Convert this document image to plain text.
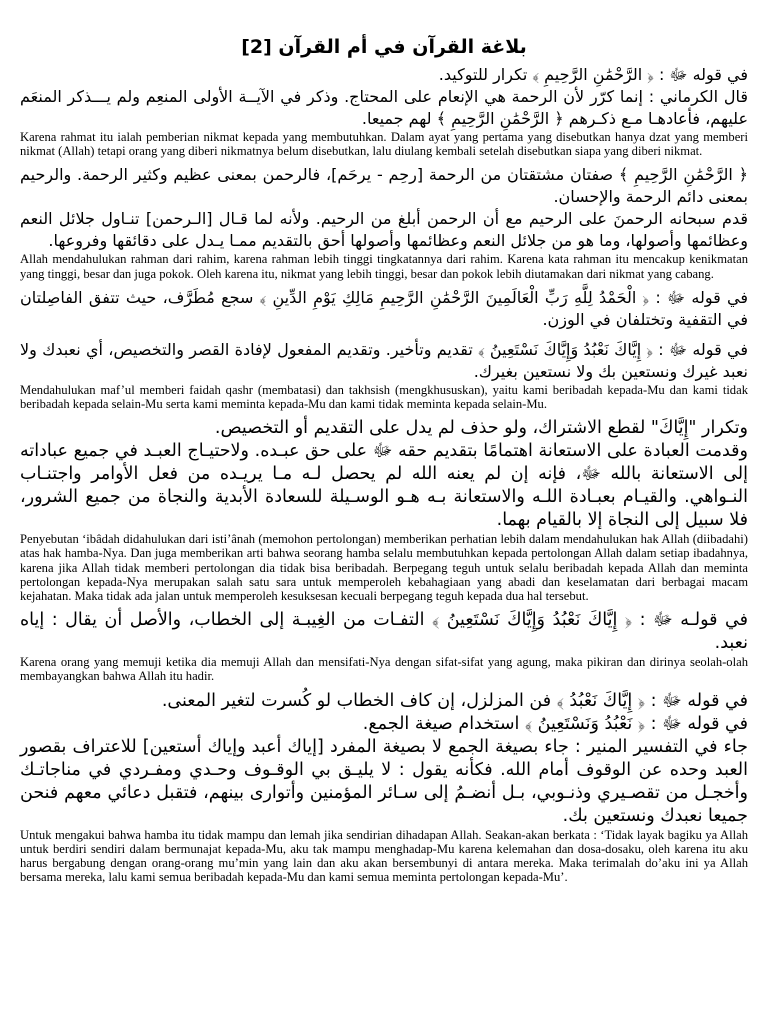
بلاغة القرآن في أم القرآن [2]

في قوله ﷻ : ﴿ الرَّحْمَٰنِ الرَّحِيمِ ﴾ تكرار للتوكيد.

قال الكرماني : إنما كرّر لأن الرحمة هي الإنعام على المحتاج. وذكر في الآيــة الأولى المنعِم ولم يـــذكر المنعَم عليهم، فأعادهـا مـع ذكـرهم ﴿ الرَّحْمَٰنِ الرَّحِيمِ ﴾ لهم جميعا.

Karena rahmat itu ialah pemberian nikmat kepada yang membutuhkan. Dalam ayat yang pertama yang disebutkan hanya dzat yang memberi nikmat (Allah) tetapi orang yang diberi nikmatnya belum disebutkan, lalu diulang kembali setelah disebutkan siapa yang diberi nikmat.

﴿ الرَّحْمَٰنِ الرَّحِيمِ ﴾ صفتان مشتقتان من الرحمة [رحِم - يرحَم]، فالرحمن بمعنى عظيم وكثير الرحمة. والرحيم بمعنى دائم الرحمة والإحسان.

قدم سبحانه الرحمنَ على الرحيم مع أن الرحمن أبلغ من الرحيم. ولأنه لما قـال [الـرحمن] تنـاول جلائل النعم وعظائمها وأصولها، وما هو من جلائل النعم وعظائمها وأصولها أحق بالتقديم ممـا يـدل على دقائقها وفروعها.

Allah mendahulukan rahman dari rahim, karena rahman lebih tinggi tingkatannya dari rahim. Karena kata rahman itu mencakup kenikmatan yang tinggi, besar dan juga pokok. Oleh karena itu, nikmat yang lebih tinggi, besar dan pokok lebih diutamakan dari nikmat yang cabang.

في قوله ﷻ : ﴿ الْحَمْدُ لِلَّهِ رَبِّ الْعَالَمِينَ الرَّحْمَٰنِ الرَّحِيمِ مَالِكِ يَوْمِ الدِّينِ ﴾ سجع مُطَرَّف، حيث تتفق الفاصِلتان في التقفية وتختلفان في الوزن.

في قوله ﷻ : ﴿ إِيَّاكَ نَعْبُدُ وَإِيَّاكَ نَسْتَعِينُ ﴾ تقديم وتأخير. وتقديم المفعول لإفادة القصر والتخصيص، أي نعبدك ولا نعبد غيرك ونستعين بك ولا نستعين بغيرك.

Mendahulukan maf’ul memberi faidah qashr (membatasi) dan takhsish (mengkhususkan), yaitu kami beribadah kepada-Mu dan kami tidak beribadah kepada selain-Mu serta kami meminta kepada-Mu dan kami tidak meminta kepada selain-Mu.

وتكرار "إِيَّاكَ" لقطع الاشتراك، ولو حذف لم يدل على التقديم أو التخصيص.

وقدمت العبادة على الاستعانة اهتمامًا بتقديم حقه ﷻ على حق عبـده. ولاحتيـاج العبـد في جميع عباداته إلى الاستعانة بالله ﷻ، فإنه إن لم يعنه الله لم يحصل لـه مـا يريـده من فعل الأوامر واجتنـاب النـواهي. والقيـام بعبـادة اللـه والاستعانة بـه هـو الوسـيلة للسعادة الأبدية والنجاة من جميع الشرور، فلا سبيل إلى النجاة إلا بالقيام بهما.

Penyebutan ‘ibâdah didahulukan dari isti’ânah (memohon pertolongan) memberikan perhatian lebih dalam mendahulukan hak Allah (diibadahi) atas hak hamba-Nya. Dan juga memberikan arti bahwa seorang hamba selalu membutuhkan kepada pertolongan Allah dalam setiap ibadahnya, karena jika Allah tidak memberi pertolongan dia tidak bisa beribadah. Berpegang teguh untuk selalu beribadah kepada Allah dan meminta pertolongan kepada-Nya merupakan salah satu sara untuk memperoleh kebahagiaan yang abadi dan keselamatan dari berbagai macam kejahatan. Maka tidak ada jalan untuk memperoleh kesuksesan kecuali berpegang teguh kepada dua hal tersebut.

في قولـه ﷻ : ﴿ إِيَّاكَ نَعْبُدُ وَإِيَّاكَ نَسْتَعِينُ ﴾ التفـات من الغِيبـة إلى الخطاب، والأصل أن يقال : إياه نعبد.

Karena orang yang memuji ketika dia memuji Allah dan mensifati-Nya dengan sifat-sifat yang agung, maka pikiran dan dirinya seolah-olah membayangkan bahwa Allah itu hadir.

في قوله ﷻ : ﴿ إِيَّاكَ نَعْبُدُ ﴾ فن المزلزل، إن كاف الخطاب لو كُسرت لتغير المعنى.

في قوله ﷻ : ﴿ نَعْبُدُ وَنَسْتَعِينُ ﴾ استخدام صيغة الجمع.

جاء في التفسير المنير : جاء بصيغة الجمع لا بصيغة المفرد [إياك أعبد وإياك أستعين] للاعتراف بقصور العبد وحده عن الوقوف أمام الله. فكأنه يقول : لا يليـق بي الوقـوف وحـدي ومفـردي في مناجاتـك وأخجـل من تقصـيري وذنـوبي، بـل أنضـمُ إلى سـائر المؤمنين وأتوارى بينهم، فتقبل دعائي معهم فنحن جميعا نعبدك ونستعين بك.

Untuk mengakui bahwa hamba itu tidak mampu dan lemah jika sendirian dihadapan Allah. Seakan-akan berkata : ‘Tidak layak bagiku ya Allah untuk berdiri sendiri dalam bermunajat kepada-Mu, aku tak mampu menghadap-Mu karena kelemahan dan dosa-dosaku, oleh karena itu aku harus bergabung dengan orang-orang mu’min yang lain dan aku akan bersembunyi di antara mereka. Maka terimalah do’aku ini ya Allah bersama mereka, lalu kami semua beribadah kepada-Mu dan kami semua meminta pertolongan kepada-Mu’.
